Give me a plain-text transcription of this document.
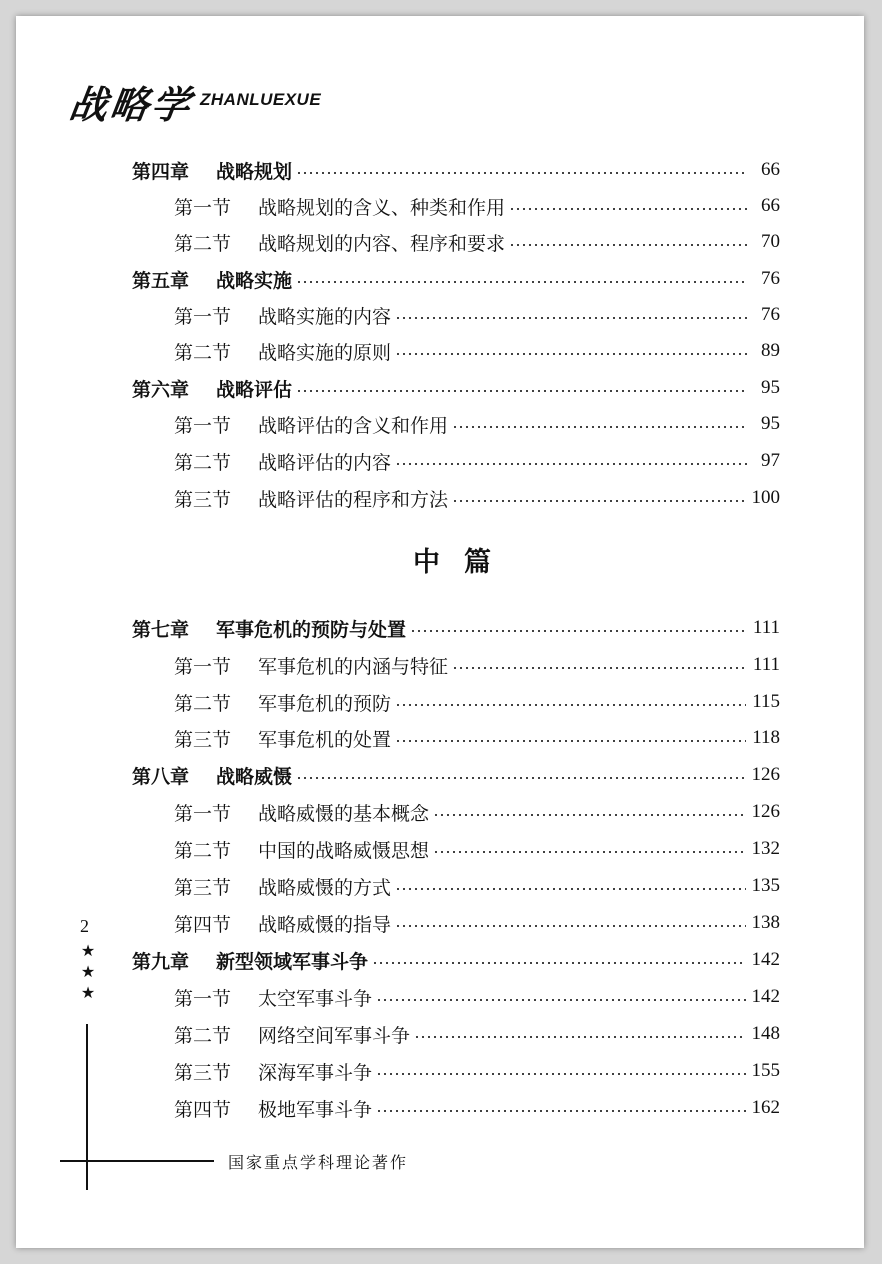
战略学 ZHANLUEXUE
第四章	战略规划	66
第一节	战略规划的含义、种类和作用	66
第二节	战略规划的内容、程序和要求	70
第五章	战略实施	76
第一节	战略实施的内容	76
第二节	战略实施的原则	89
第六章	战略评估	95
第一节	战略评估的含义和作用	95
第二节	战略评估的内容	97
第三节	战略评估的程序和方法	100
中篇
第七章	军事危机的预防与处置	111
第一节	军事危机的内涵与特征	111
第二节	军事危机的预防	115
第三节	军事危机的处置	118
第八章	战略威慑	126
第一节	战略威慑的基本概念	126
第二节	中国的战略威慑思想	132
第三节	战略威慑的方式	135
第四节	战略威慑的指导	138
第九章	新型领域军事斗争	142
第一节	太空军事斗争	142
第二节	网络空间军事斗争	148
第三节	深海军事斗争	155
第四节	极地军事斗争	162
2
★
★
★
国家重点学科理论著作
